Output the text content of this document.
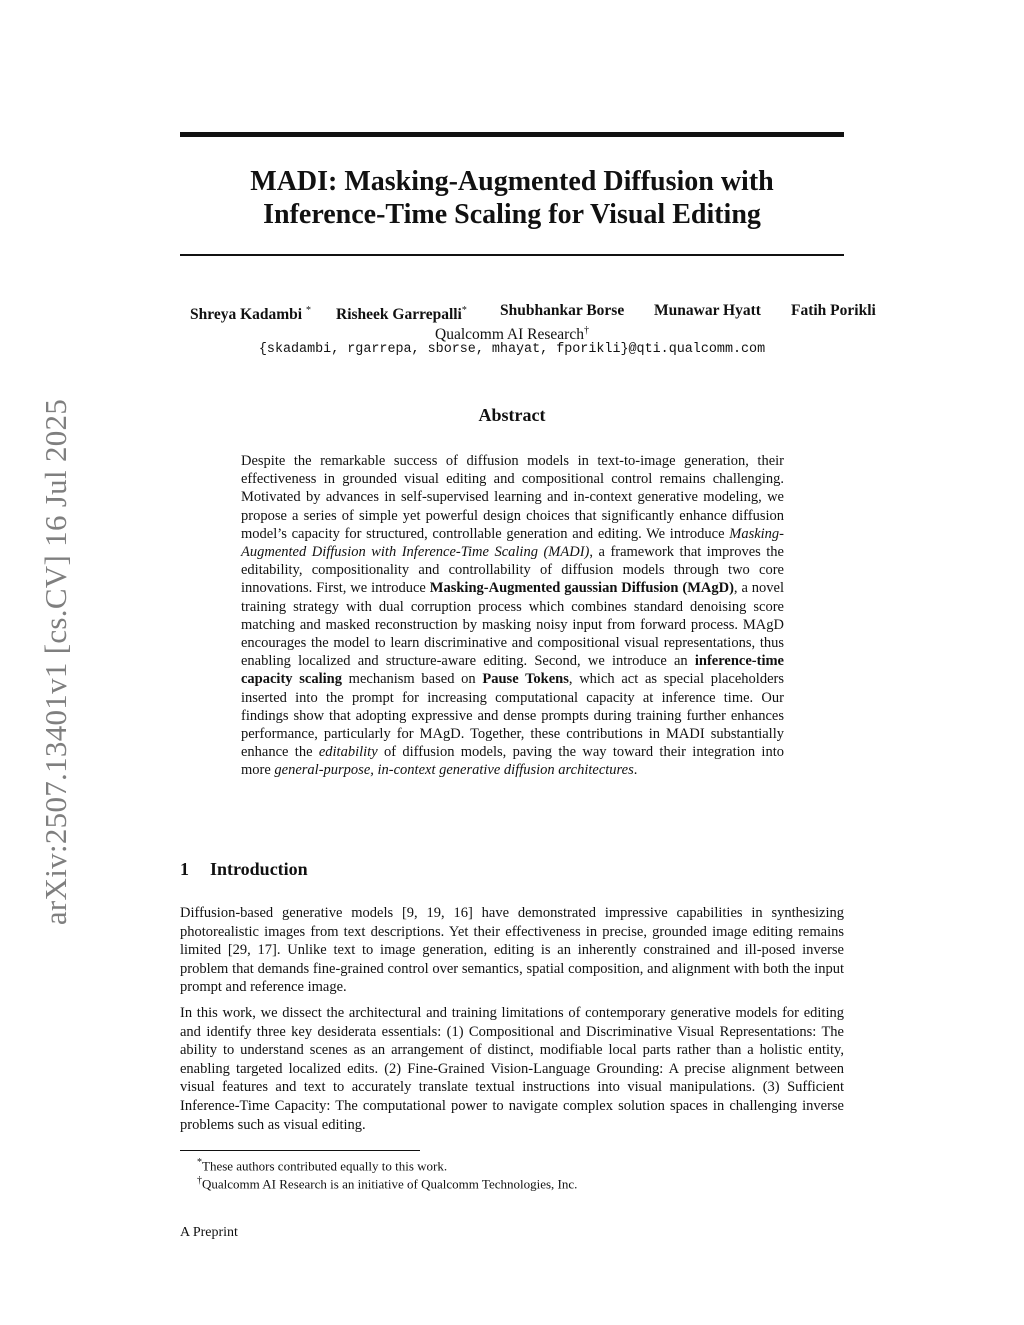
arXiv:2507.13401v1 [cs.CV] 16 Jul 2025
MADI: Masking-Augmented Diffusion with
Inference-Time Scaling for Visual Editing
Shreya Kadambi * Risheek Garrepalli* Shubhankar Borse Munawar Hyatt Fatih Porikli
Qualcomm AI Research†
{skadambi, rgarrepa, sborse, mhayat, fporikli}@qti.qualcomm.com
Abstract

Despite the remarkable success of diffusion models in text-to-image generation, their effectiveness in grounded visual editing and compositional control remains challenging. Motivated by advances in self-supervised learning and in-context generative modeling, we propose a series of simple yet powerful design choices that significantly enhance diffusion model’s capacity for structured, controllable generation and editing. We introduce Masking-Augmented Diffusion with Inference-Time Scaling (MADI), a framework that improves the editability, compositionality and controllability of diffusion models through two core innovations. First, we introduce Masking-Augmented gaussian Diffusion (MAgD), a novel training strategy with dual corruption process which combines standard denoising score matching and masked reconstruction by masking noisy input from forward process. MAgD encourages the model to learn discriminative and compositional visual representations, thus enabling localized and structure-aware editing. Second, we introduce an inference-time capacity scaling mechanism based on Pause Tokens, which act as special placeholders inserted into the prompt for increasing computational capacity at inference time. Our findings show that adopting expressive and dense prompts during training further enhances performance, particularly for MAgD. Together, these contributions in MADI substantially enhance the editability of diffusion models, paving the way toward their integration into more general-purpose, in-context generative diffusion architectures.

1 Introduction

Diffusion-based generative models [9, 19, 16] have demonstrated impressive capabilities in synthesizing photorealistic images from text descriptions. Yet their effectiveness in precise, grounded image editing remains limited [29, 17]. Unlike text to image generation, editing is an inherently constrained and ill-posed inverse problem that demands fine-grained control over semantics, spatial composition, and alignment with both the input prompt and reference image.

In this work, we dissect the architectural and training limitations of contemporary generative models for editing and identify three key desiderata essentials: (1) Compositional and Discriminative Visual Representations: The ability to understand scenes as an arrangement of distinct, modifiable local parts rather than a holistic entity, enabling targeted localized edits. (2) Fine-Grained Vision-Language Grounding: A precise alignment between visual features and text to accurately translate textual instructions into visual manipulations. (3) Sufficient Inference-Time Capacity: The computational power to navigate complex solution spaces in challenging inverse problems such as visual editing.

*These authors contributed equally to this work.
†Qualcomm AI Research is an initiative of Qualcomm Technologies, Inc.
A Preprint
